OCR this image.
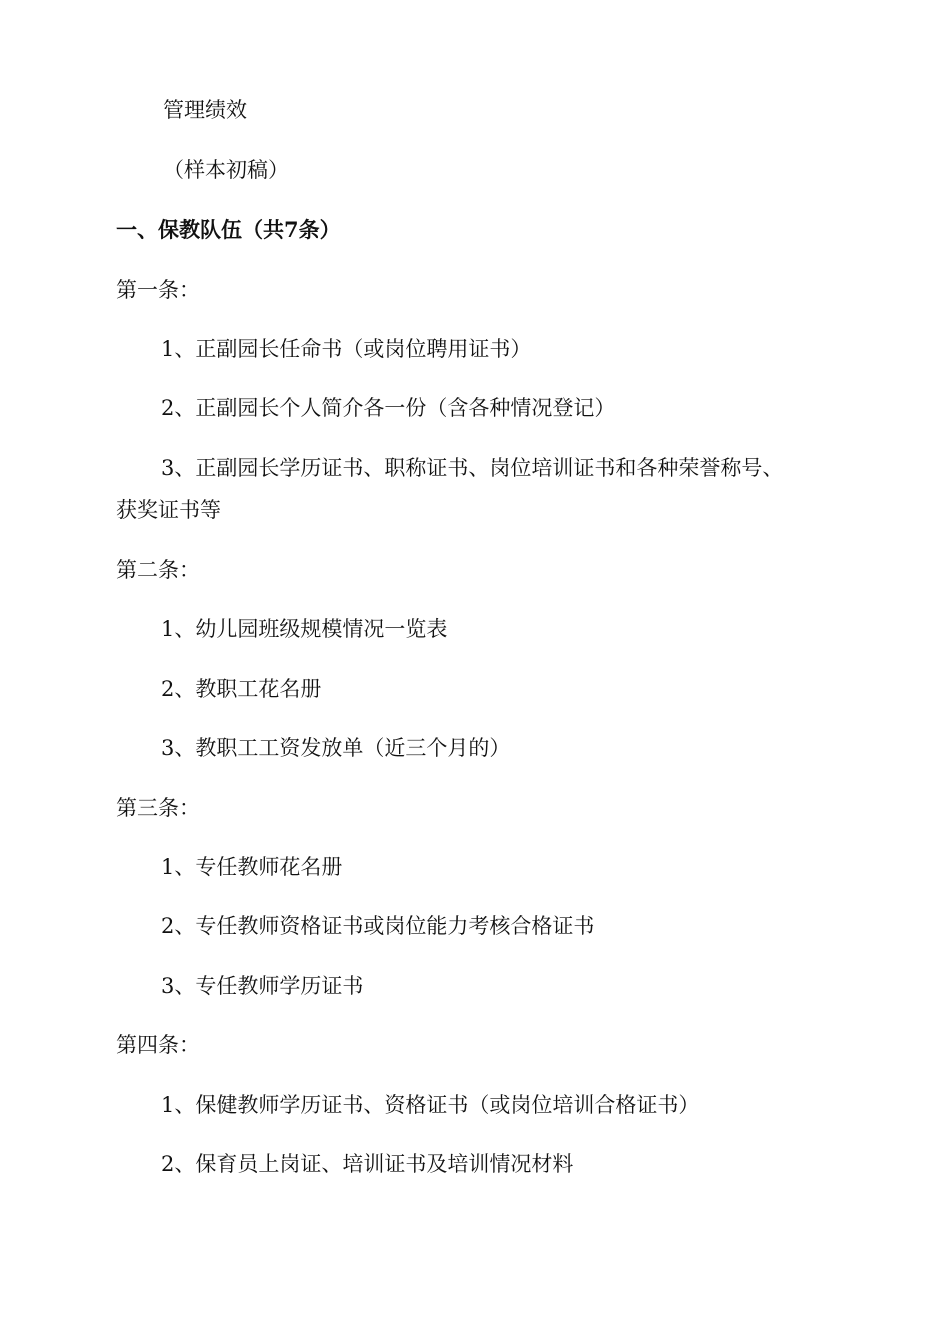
管理绩效
（样本初稿）
一、保教队伍（共7条）
第一条：
1、正副园长任命书（或岗位聘用证书）
2、正副园长个人简介各一份（含各种情况登记）
3、正副园长学历证书、职称证书、岗位培训证书和各种荣誉称号、
获奖证书等
第二条：
1、幼儿园班级规模情况一览表
2、教职工花名册
3、教职工工资发放单（近三个月的）
第三条：
1、专任教师花名册
2、专任教师资格证书或岗位能力考核合格证书
3、专任教师学历证书
第四条：
1、保健教师学历证书、资格证书（或岗位培训合格证书）
2、保育员上岗证、培训证书及培训情况材料
